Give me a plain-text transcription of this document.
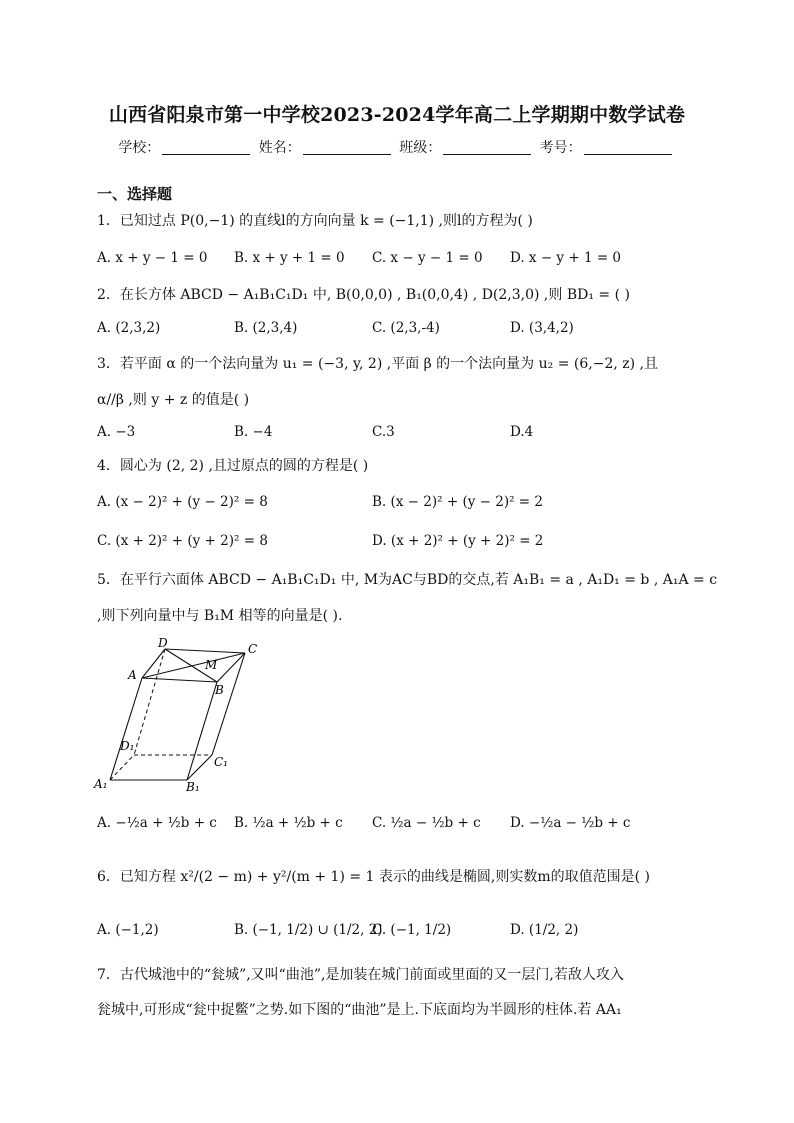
山西省阳泉市第一中学校2023-2024学年高二上学期期中数学试卷
学校：	姓名：	班级：	考号：
一、选择题
1．已知过点 P(0,−1) 的直线l的方向向量 k = (−1,1) ,则l的方程为( )
A. x + y − 1 = 0 B. x + y + 1 = 0 C. x − y − 1 = 0 D. x − y + 1 = 0
2．在长方体 ABCD − A₁B₁C₁D₁ 中, B(0,0,0) , B₁(0,0,4) , D(2,3,0) ,则 BD₁ = ( )
A. (2,3,2)	B. (2,3,4)	C. (2,3,-4)	D. (3,4,2)
3．若平面 α 的一个法向量为 u₁ = (−3, y, 2) ,平面 β 的一个法向量为 u₂ = (6,−2, z) ,且
α//β ,则 y + z 的值是( )
A. −3	B. −4	C.3	D.4
4．圆心为 (2, 2) ,且过原点的圆的方程是( )
A. (x − 2)² + (y − 2)² = 8	B. (x − 2)² + (y − 2)² = 2
C. (x + 2)² + (y + 2)² = 8	D. (x + 2)² + (y + 2)² = 2
5．在平行六面体 ABCD − A₁B₁C₁D₁ 中, M为AC与BD的交点,若 A₁B₁ = a , A₁D₁ = b , A₁A = c
,则下列向量中与 B₁M 相等的向量是( ).
D	C
M
A
B
D₁
C₁
A₁	B₁
A. −½a + ½b + c B. ½a + ½b + c C. ½a − ½b + c D. −½a − ½b + c
6．已知方程 x²/(2 − m) + y²/(m + 1) = 1 表示的曲线是椭圆,则实数m的取值范围是( )
A. (−1,2)	B. (−1, 1/2) ∪ (1/2, 2)
C. (−1, 1/2)	D. (1/2, 2)
7．古代城池中的“瓮城”,又叫“曲池”,是加装在城门前面或里面的又一层门,若敌人攻入
瓮城中,可形成“瓮中捉鳖”之势.如下图的“曲池”是上.下底面均为半圆形的柱体.若 AA₁
